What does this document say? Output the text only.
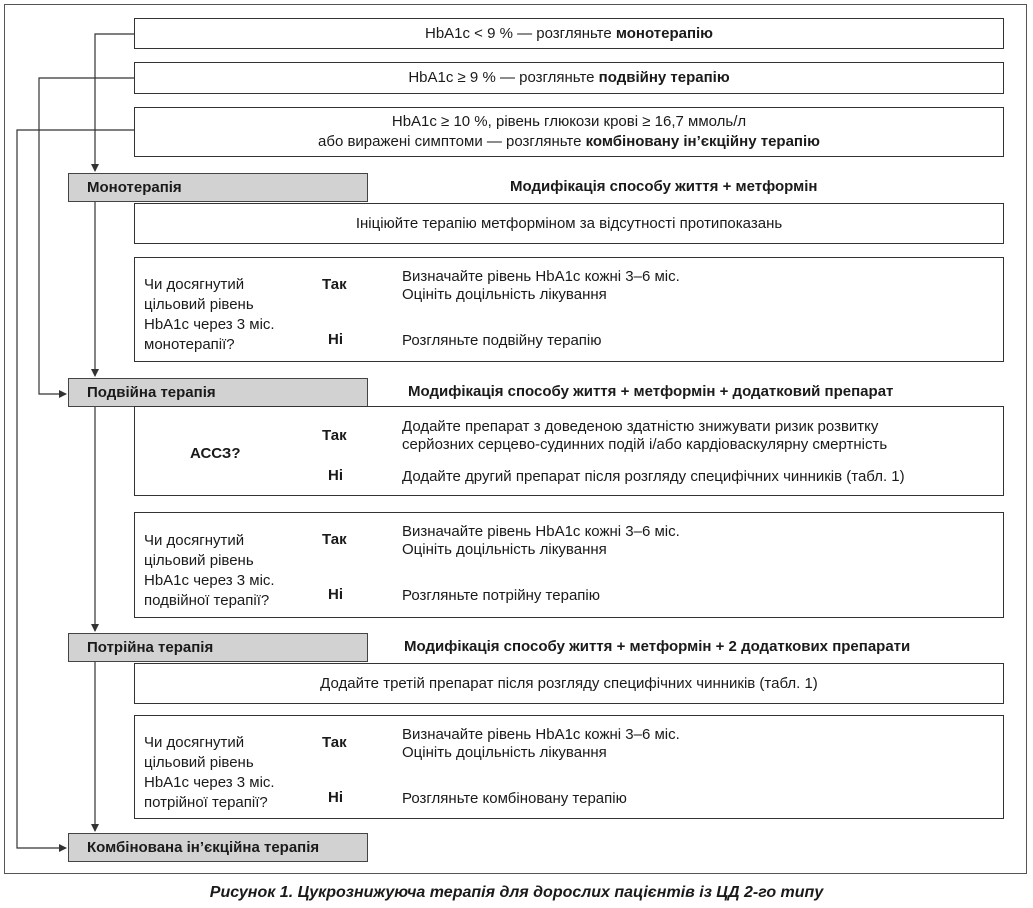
HbA1c < 9 % — розгляньте монотерапію
HbA1c ≥ 9 % — розгляньте подвійну терапію
HbA1c ≥ 10 %, рівень глюкози крові ≥ 16,7 ммоль/л
або виражені симптоми — розгляньте комбіновану ін’єкційну терапію
Монотерапія	Модифікація способу життя + метформін
Ініціюйте терапію метформіном за відсутності протипоказань
Чи досягнутий
цільовий рівень
HbA1c через 3 міс.
монотерапії?
Так	Визначайте рівень HbA1c кожні 3–6 міс.
Оцініть доцільність лікування
Ні	Розгляньте подвійну терапію
Подвійна терапія	Модифікація способу життя + метформін + додатковий препарат
АССЗ?
Так
Додайте препарат з доведеною здатністю знижувати ризик розвитку
серйозних серцево-судинних подій і/або кардіоваскулярну смертність
Ні	Додайте другий препарат після розгляду специфічних чинників (табл. 1)
Чи досягнутий
цільовий рівень
HbA1c через 3 міс.
подвійної терапії?
Так	Визначайте рівень HbA1c кожні 3–6 міс.
Оцініть доцільність лікування
Ні	Розгляньте потрійну терапію
Потрійна терапія	Модифікація способу життя + метформін + 2 додаткових препарати
Додайте третій препарат після розгляду специфічних чинників (табл. 1)
Чи досягнутий
цільовий рівень
HbA1c через 3 міс.
потрійної терапії?
Так	Визначайте рівень HbA1c кожні 3–6 міс.
Оцініть доцільність лікування
Ні	Розгляньте комбіновану терапію
Комбінована ін’єкційна терапія
Рисунок 1. Цукрознижуюча терапія для дорослих пацієнтів із ЦД 2-го типу
